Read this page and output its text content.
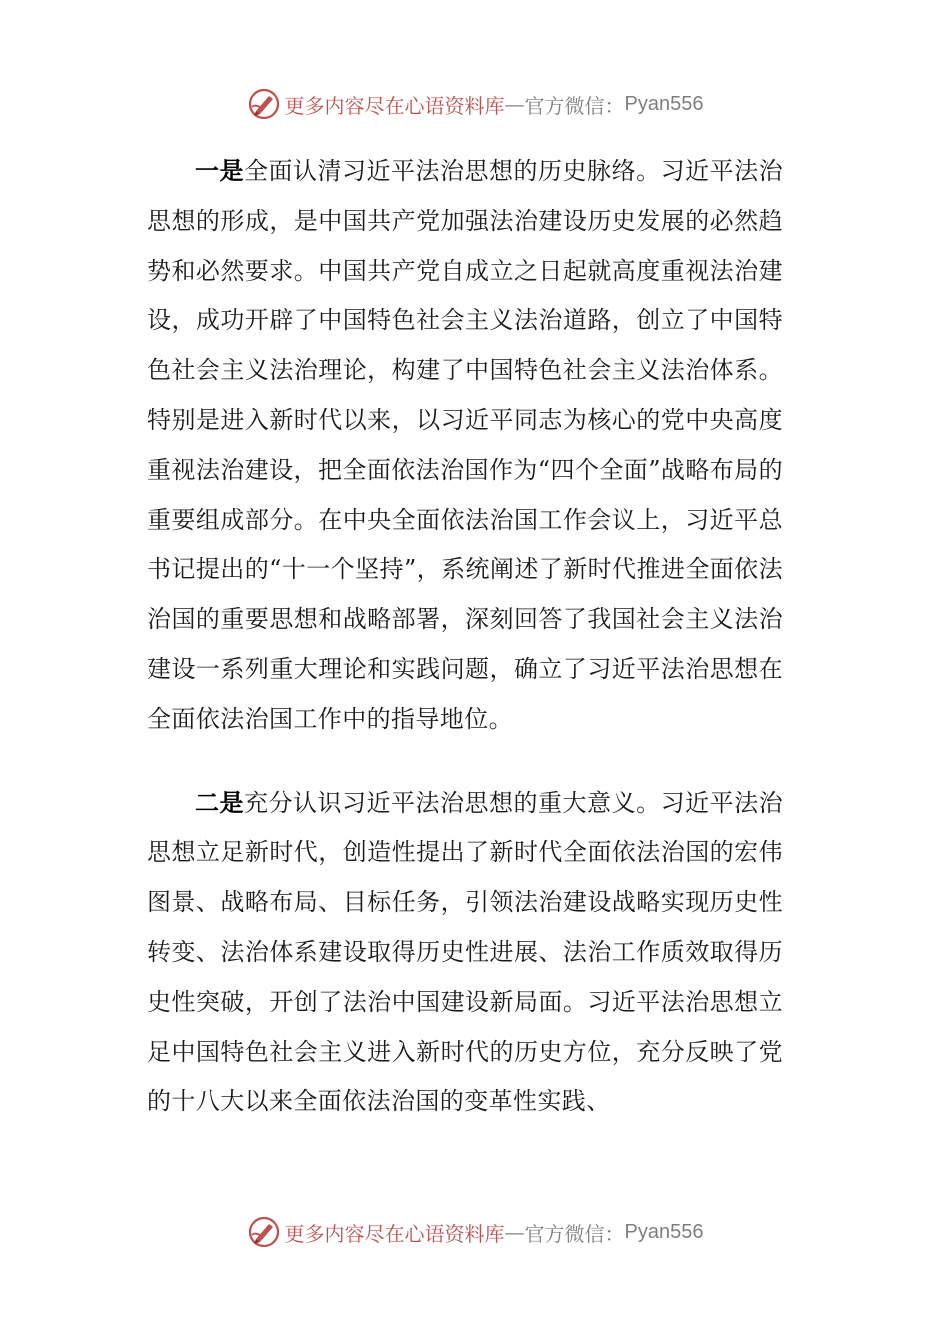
更多内容尽在心语资料库 — 官方微信： Pyan556

一是全面认清习近平法治思想的历史脉络。习近平法治思想的形成，是中国共产党加强法治建设历史发展的必然趋势和必然要求。中国共产党自成立之日起就高度重视法治建设，成功开辟了中国特色社会主义法治道路，创立了中国特色社会主义法治理论，构建了中国特色社会主义法治体系。特别是进入新时代以来，以习近平同志为核心的党中央高度重视法治建设，把全面依法治国作为“四个全面”战略布局的重要组成部分。在中央全面依法治国工作会议上，习近平总书记提出的“十一个坚持”，系统阐述了新时代推进全面依法治国的重要思想和战略部署，深刻回答了我国社会主义法治建设一系列重大理论和实践问题，确立了习近平法治思想在全面依法治国工作中的指导地位。

二是充分认识习近平法治思想的重大意义。习近平法治思想立足新时代，创造性提出了新时代全面依法治国的宏伟图景、战略布局、目标任务，引领法治建设战略实现历史性转变、法治体系建设取得历史性进展、法治工作质效取得历史性突破，开创了法治中国建设新局面。习近平法治思想立足中国特色社会主义进入新时代的历史方位，充分反映了党的十八大以来全面依法治国的变革性实践、

更多内容尽在心语资料库 — 官方微信： Pyan556
